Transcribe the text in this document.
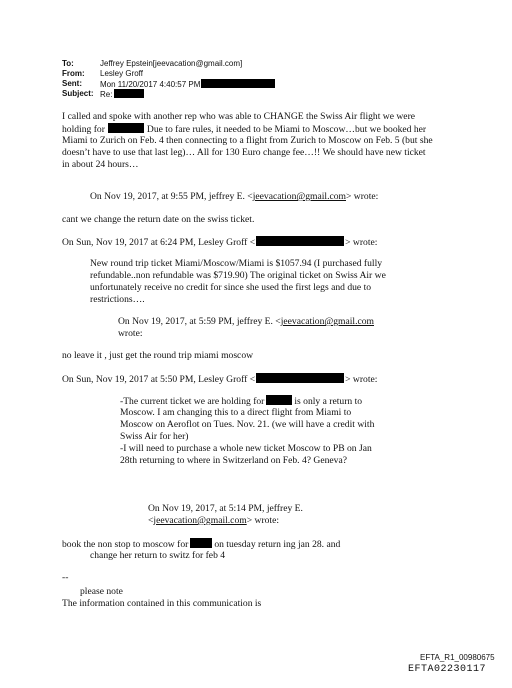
To:	Jeffrey Epstein[jeevacation@gmail.com]
From: Lesley Groff
Sent: Mon 11/20/2017 4:40:57 PM
Subject: Re:
I called and spoke with another rep who was able to CHANGE the Swiss Air flight we were
holding for	Due to fare rules, it needed to be Miami to Moscow…but we booked her
Miami to Zurich on Feb. 4 then connecting to a flight from Zurich to Moscow on Feb. 5 (but she
doesn’t have to use that last leg)… All for 130 Euro change fee…!! We should have new ticket
in about 24 hours…
On Nov 19, 2017, at 9:55 PM, jeffrey E. <jeevacation@gmail.com> wrote:
cant we change the return date on the swiss ticket.
On Sun, Nov 19, 2017 at 6:24 PM, Lesley Groff <	> wrote:
New round trip ticket Miami/Moscow/Miami is $1057.94 (I purchased fully
refundable..non refundable was $719.90) The original ticket on Swiss Air we
unfortunately receive no credit for since she used the first legs and due to
restrictions….
On Nov 19, 2017, at 5:59 PM, jeffrey E. <jeevacation@gmail.com
wrote:
no leave it , just get the round trip miami moscow
On Sun, Nov 19, 2017 at 5:50 PM, Lesley Groff <	> wrote:
-The current ticket we are holding for	is only a return to
Moscow. I am changing this to a direct flight from Miami to
Moscow on Aeroflot on Tues. Nov. 21. (we will have a credit with
Swiss Air for her)
-I will need to purchase a whole new ticket Moscow to PB on Jan
28th returning to where in Switzerland on Feb. 4? Geneva?
On Nov 19, 2017, at 5:14 PM, jeffrey E.
<jeevacation@gmail.com> wrote:
book the non stop to moscow for	on tuesday return ing jan 28. and
change her return to switz for feb 4
--
please note
The information contained in this communication is
EFTA_R1_00980675
EFTA02230117
